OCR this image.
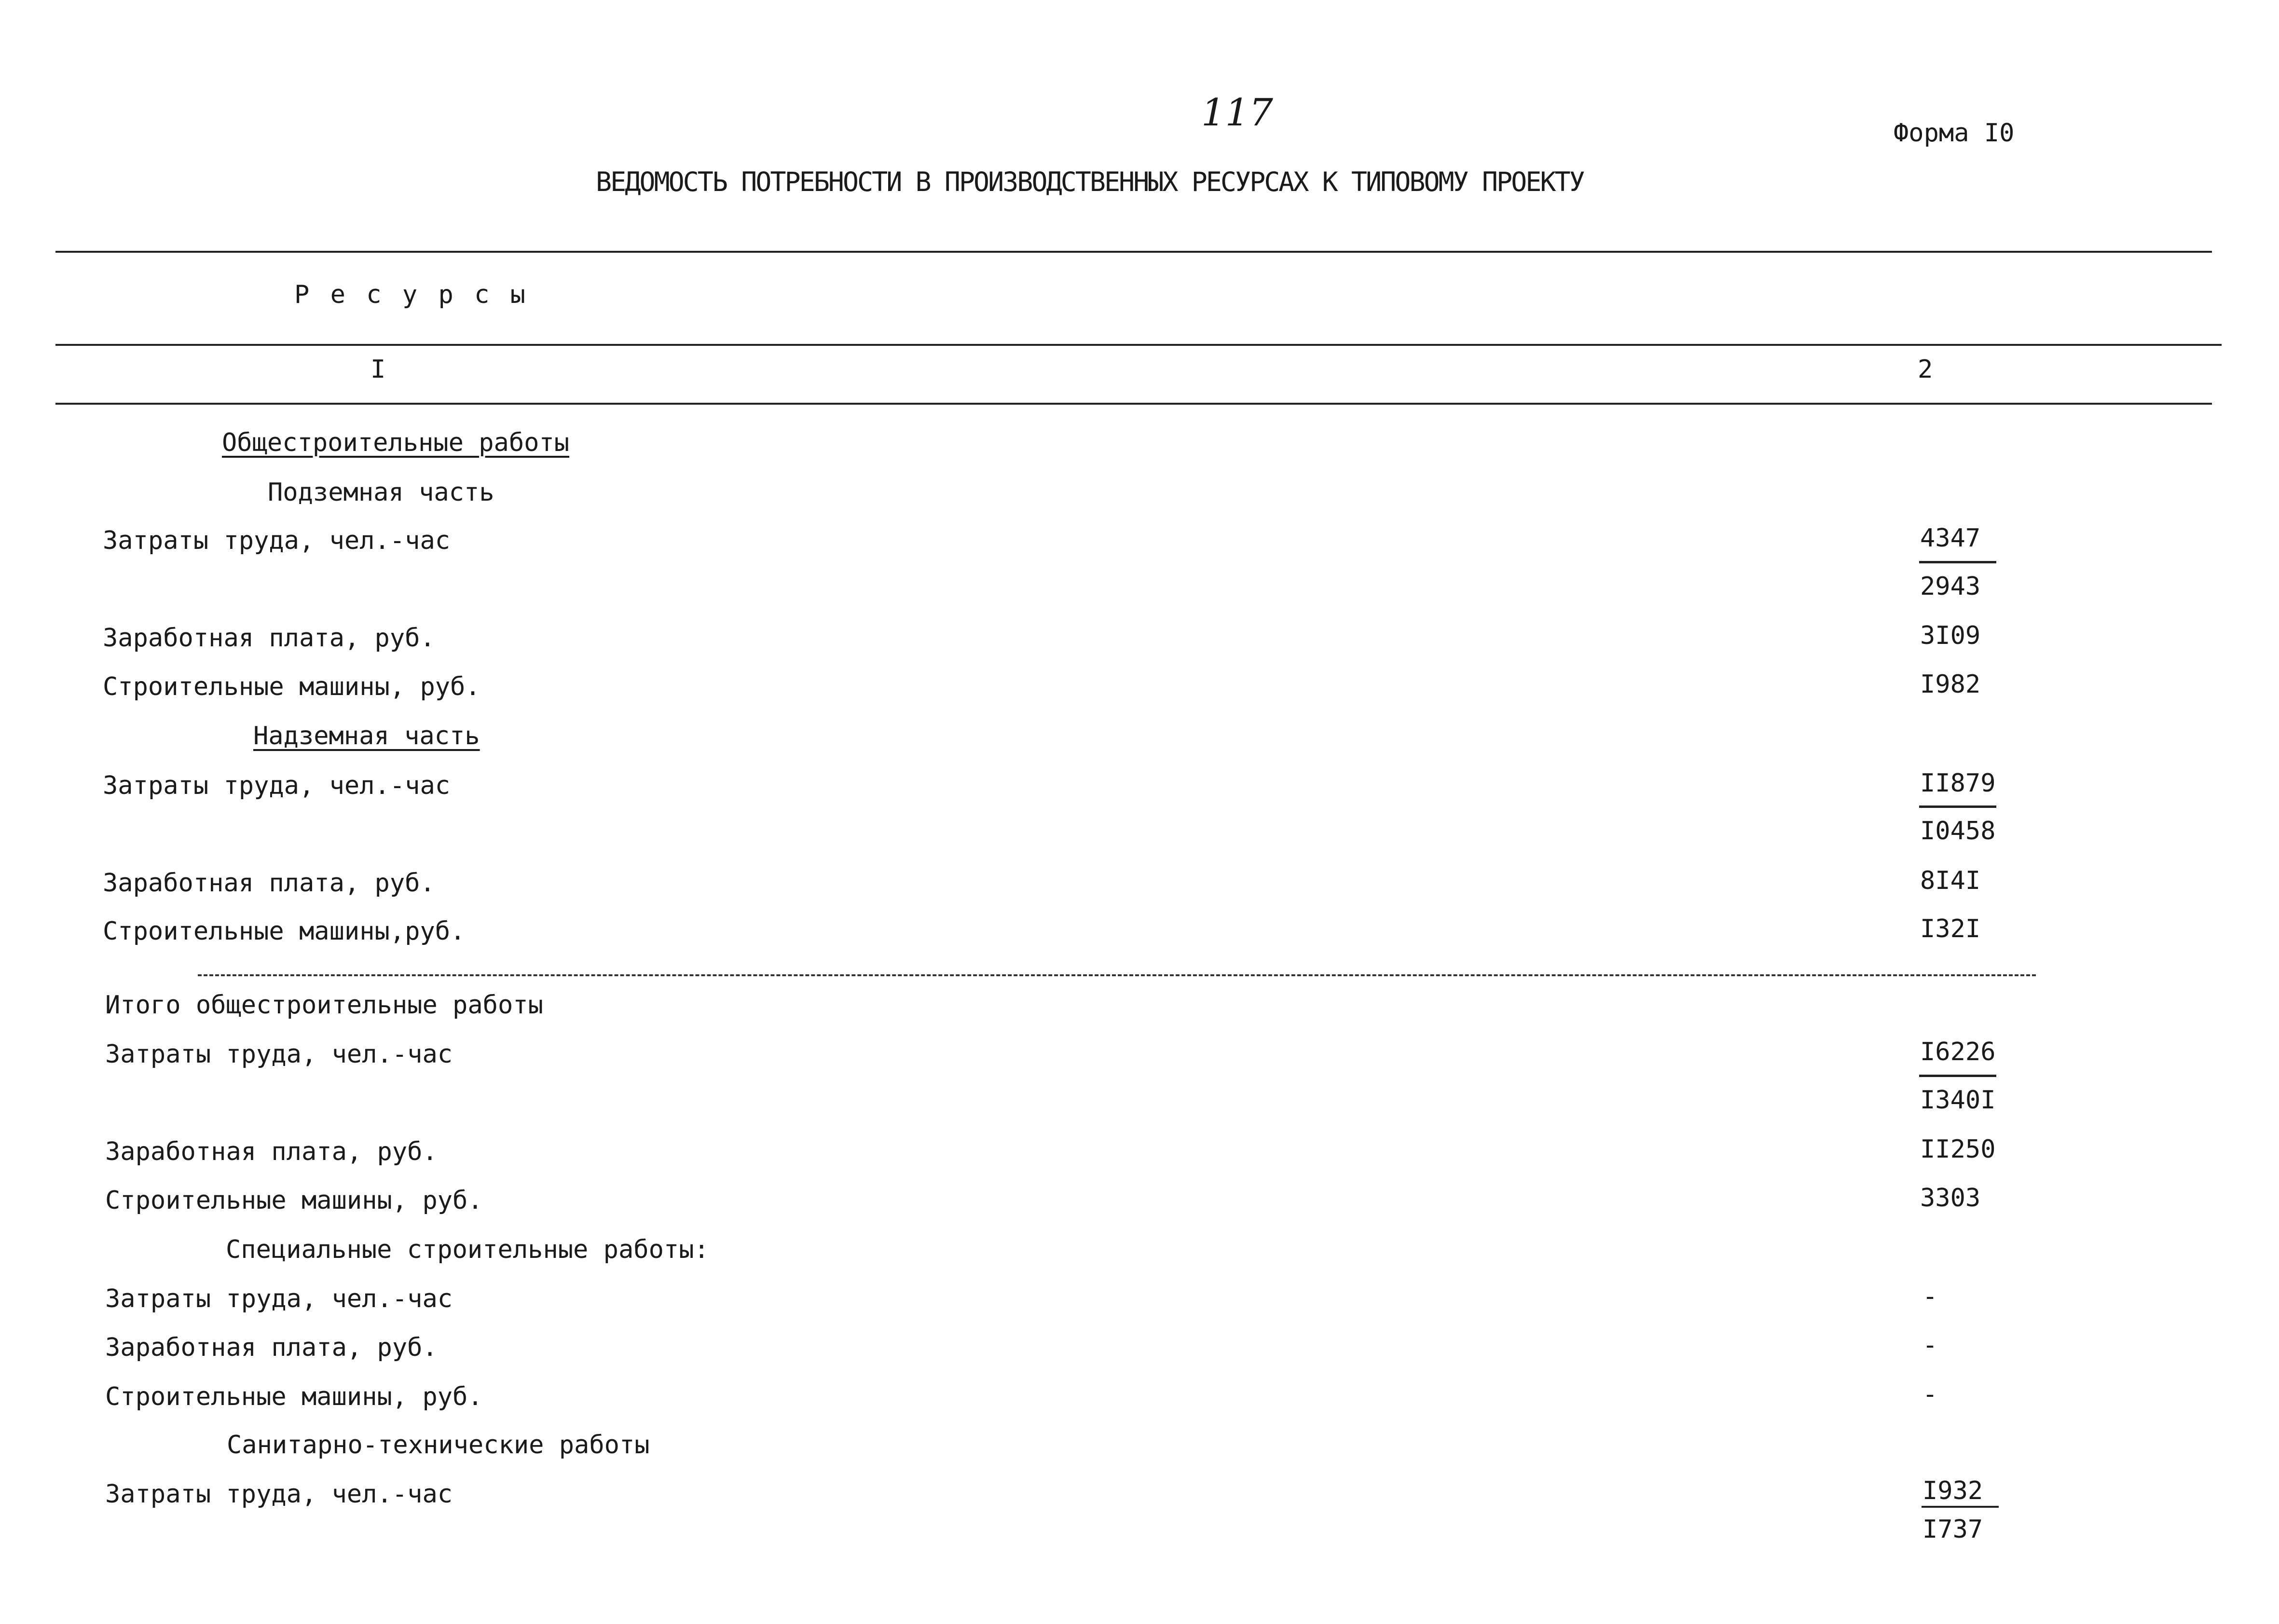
117	Форма I0
ВЕДОМОСТЬ ПОТРЕБНОСТИ В ПРОИЗВОДСТВЕННЫХ РЕСУРСАХ К ТИПОВОМУ ПРОЕКТУ
Р е с у р с ы
I	2
Общестроительные работы
Подземная часть
Затраты труда, чел.-час	4347
2943
Заработная плата, руб.	3I09
Строительные машины, руб.	I982
Надземная часть
Затраты труда, чел.-час	II879
I0458
Заработная плата, руб.	8I4I
Строительные машины,руб.	I32I
Итого общестроительные работы
Затраты труда, чел.-час	I6226
I340I
Заработная плата, руб.	II250
Строительные машины, руб.	3303
Специальные строительные работы:
Затраты труда, чел.-час	-
Заработная плата, руб.	-
Строительные машины, руб.	-
Санитарно-технические работы
Затраты труда, чел.-час	I932
I737
